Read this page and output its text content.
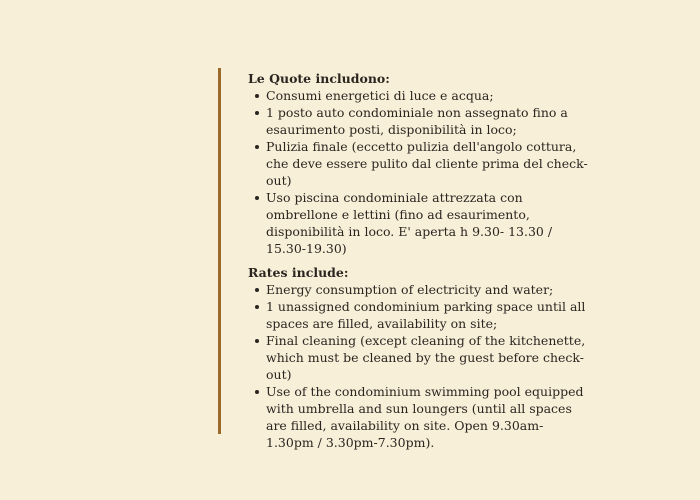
Le Quote includono:

Consumi energetici di luce e acqua;
1 posto auto condominiale non assegnato fino a esaurimento posti, disponibilità in loco;
Pulizia finale (eccetto pulizia dell'angolo cottura, che deve essere pulito dal cliente prima del check-out)
Uso piscina condominiale attrezzata con ombrellone e lettini (fino ad esaurimento, disponibilità in loco. E' aperta h 9.30- 13.30 / 15.30-19.30)

Rates include:

Energy consumption of electricity and water;
1 unassigned condominium parking space until all spaces are filled, availability on site;
Final cleaning (except cleaning of the kitchenette, which must be cleaned by the guest before check-out)
Use of the condominium swimming pool equipped with umbrella and sun loungers (until all spaces are filled, availability on site. Open 9.30am-1.30pm / 3.30pm-7.30pm).
